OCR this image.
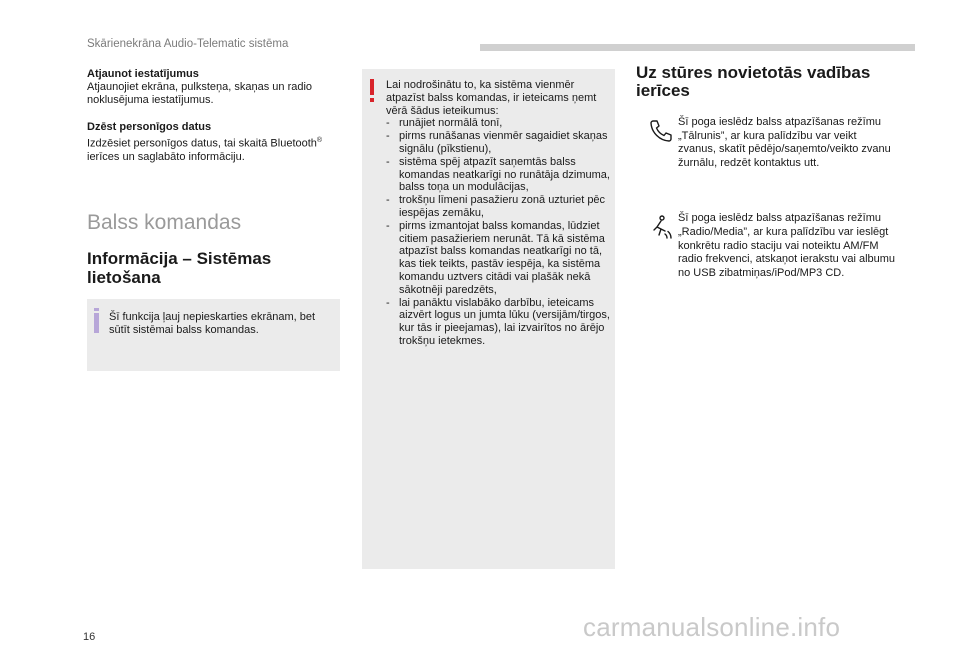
Skārienekrāna Audio-Telematic sistēma

Atjaunot iestatījumus

Atjaunojiet ekrāna, pulksteņa, skaņas un radio noklusējuma iestatījumus.

Dzēst personīgos datus

Izdzēsiet personīgos datus, tai skaitā Bluetooth® ierīces un saglabāto informāciju.

Balss komandas
Informācija – Sistēmas lietošana
Šī funkcija ļauj nepieskarties ekrānam, bet sūtīt sistēmai balss komandas.
Lai nodrošinātu to, ka sistēma vienmēr atpazīst balss komandas, ir ieteicams ņemt vērā šādus ieteikumus:
- runājiet normālā tonī,
- pirms runāšanas vienmēr sagaidiet skaņas signālu (pīkstienu),
- sistēma spēj atpazīt saņemtās balss komandas neatkarīgi no runātāja dzimuma, balss toņa un modulācijas,
- trokšņu līmeni pasažieru zonā uzturiet pēc iespējas zemāku,
- pirms izmantojat balss komandas, lūdziet citiem pasažieriem nerunāt. Tā kā sistēma atpazīst balss komandas neatkarīgi no tā, kas tiek teikts, pastāv iespēja, ka sistēma komandu uztvers citādi vai plašāk nekā sākotnēji paredzēts,
- lai panāktu vislabāko darbību, ieteicams aizvērt logus un jumta lūku (versijām/tirgos, kur tās ir pieejamas), lai izvairītos no ārējo trokšņu ietekmes.

Uz stūres novietotās vadības ierīces

Šī poga ieslēdz balss atpazīšanas režīmu „Tālrunis”, ar kura palīdzību var veikt zvanus, skatīt pēdējo/saņemto/veikto zvanu žurnālu, redzēt kontaktus utt.
Šī poga ieslēdz balss atpazīšanas režīmu „Radio/Media”, ar kura palīdzību var ieslēgt konkrētu radio staciju vai noteiktu AM/FM radio frekvenci, atskaņot ierakstu vai albumu no USB zibatmiņas/iPod/MP3 CD.
16	carmanualsonline.info
